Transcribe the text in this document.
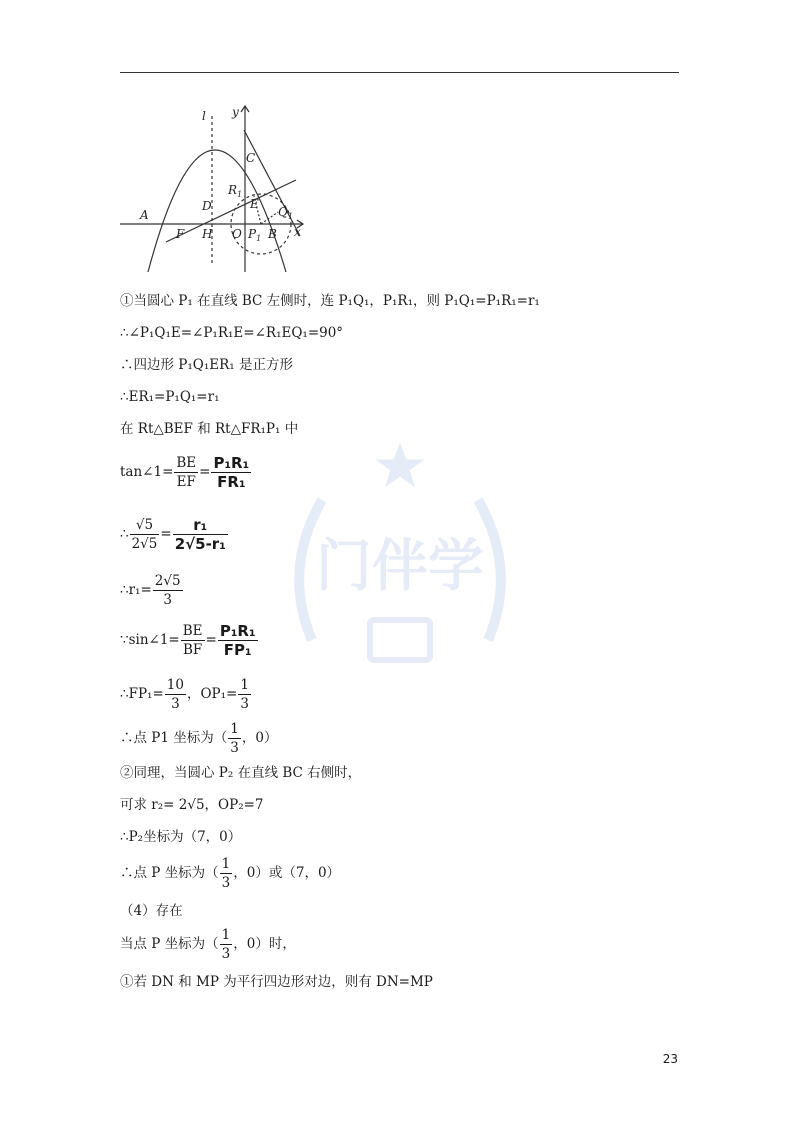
l y
x
C
$R_1$
D	E
$Q_1$
A
F H O $P_1$ B
门伴学
①当圆心 P₁ 在直线 BC 左侧时，连 P₁Q₁，P₁R₁，则 P₁Q₁=P₁R₁=r₁
∴∠P₁Q₁E=∠P₁R₁E=∠R₁EQ₁=90°
∴四边形 P₁Q₁ER₁ 是正方形
∴ER₁=P₁Q₁=r₁
在 Rt△BEF 和 Rt△FR₁P₁ 中
tan∠1= $\frac{BE}{EF} = \frac{\text{P₁R₁}}{\text{FR₁}}$
∴ $\frac{√5}{2√5} = \frac{\text{r₁}}{\text{2√5-r₁}}$
∴r₁= $\frac{2√5}{3}$
∵sin∠1= $\frac{BE}{BF} = \frac{\text{P₁R₁}}{\text{FP₁}}$
∴FP₁= $\frac{10}{3}$ ，$OP_1= \frac{1}{3}$
∴点 P1 坐标为（ $\frac{1}{3}$ ，0）
②同理，当圆心 P₂ 在直线 BC 右侧时，
可求 r₂= 2√5，OP₂=7
∴P₂坐标为（7，0）
∴点 P 坐标为（ $\frac{1}{3}$ ，0）或（7，0）
（4）存在
当点 P 坐标为（ $\frac{1}{3}$ ，0）时，
①若 DN 和 MP 为平行四边形对边，则有 DN=MP
23
